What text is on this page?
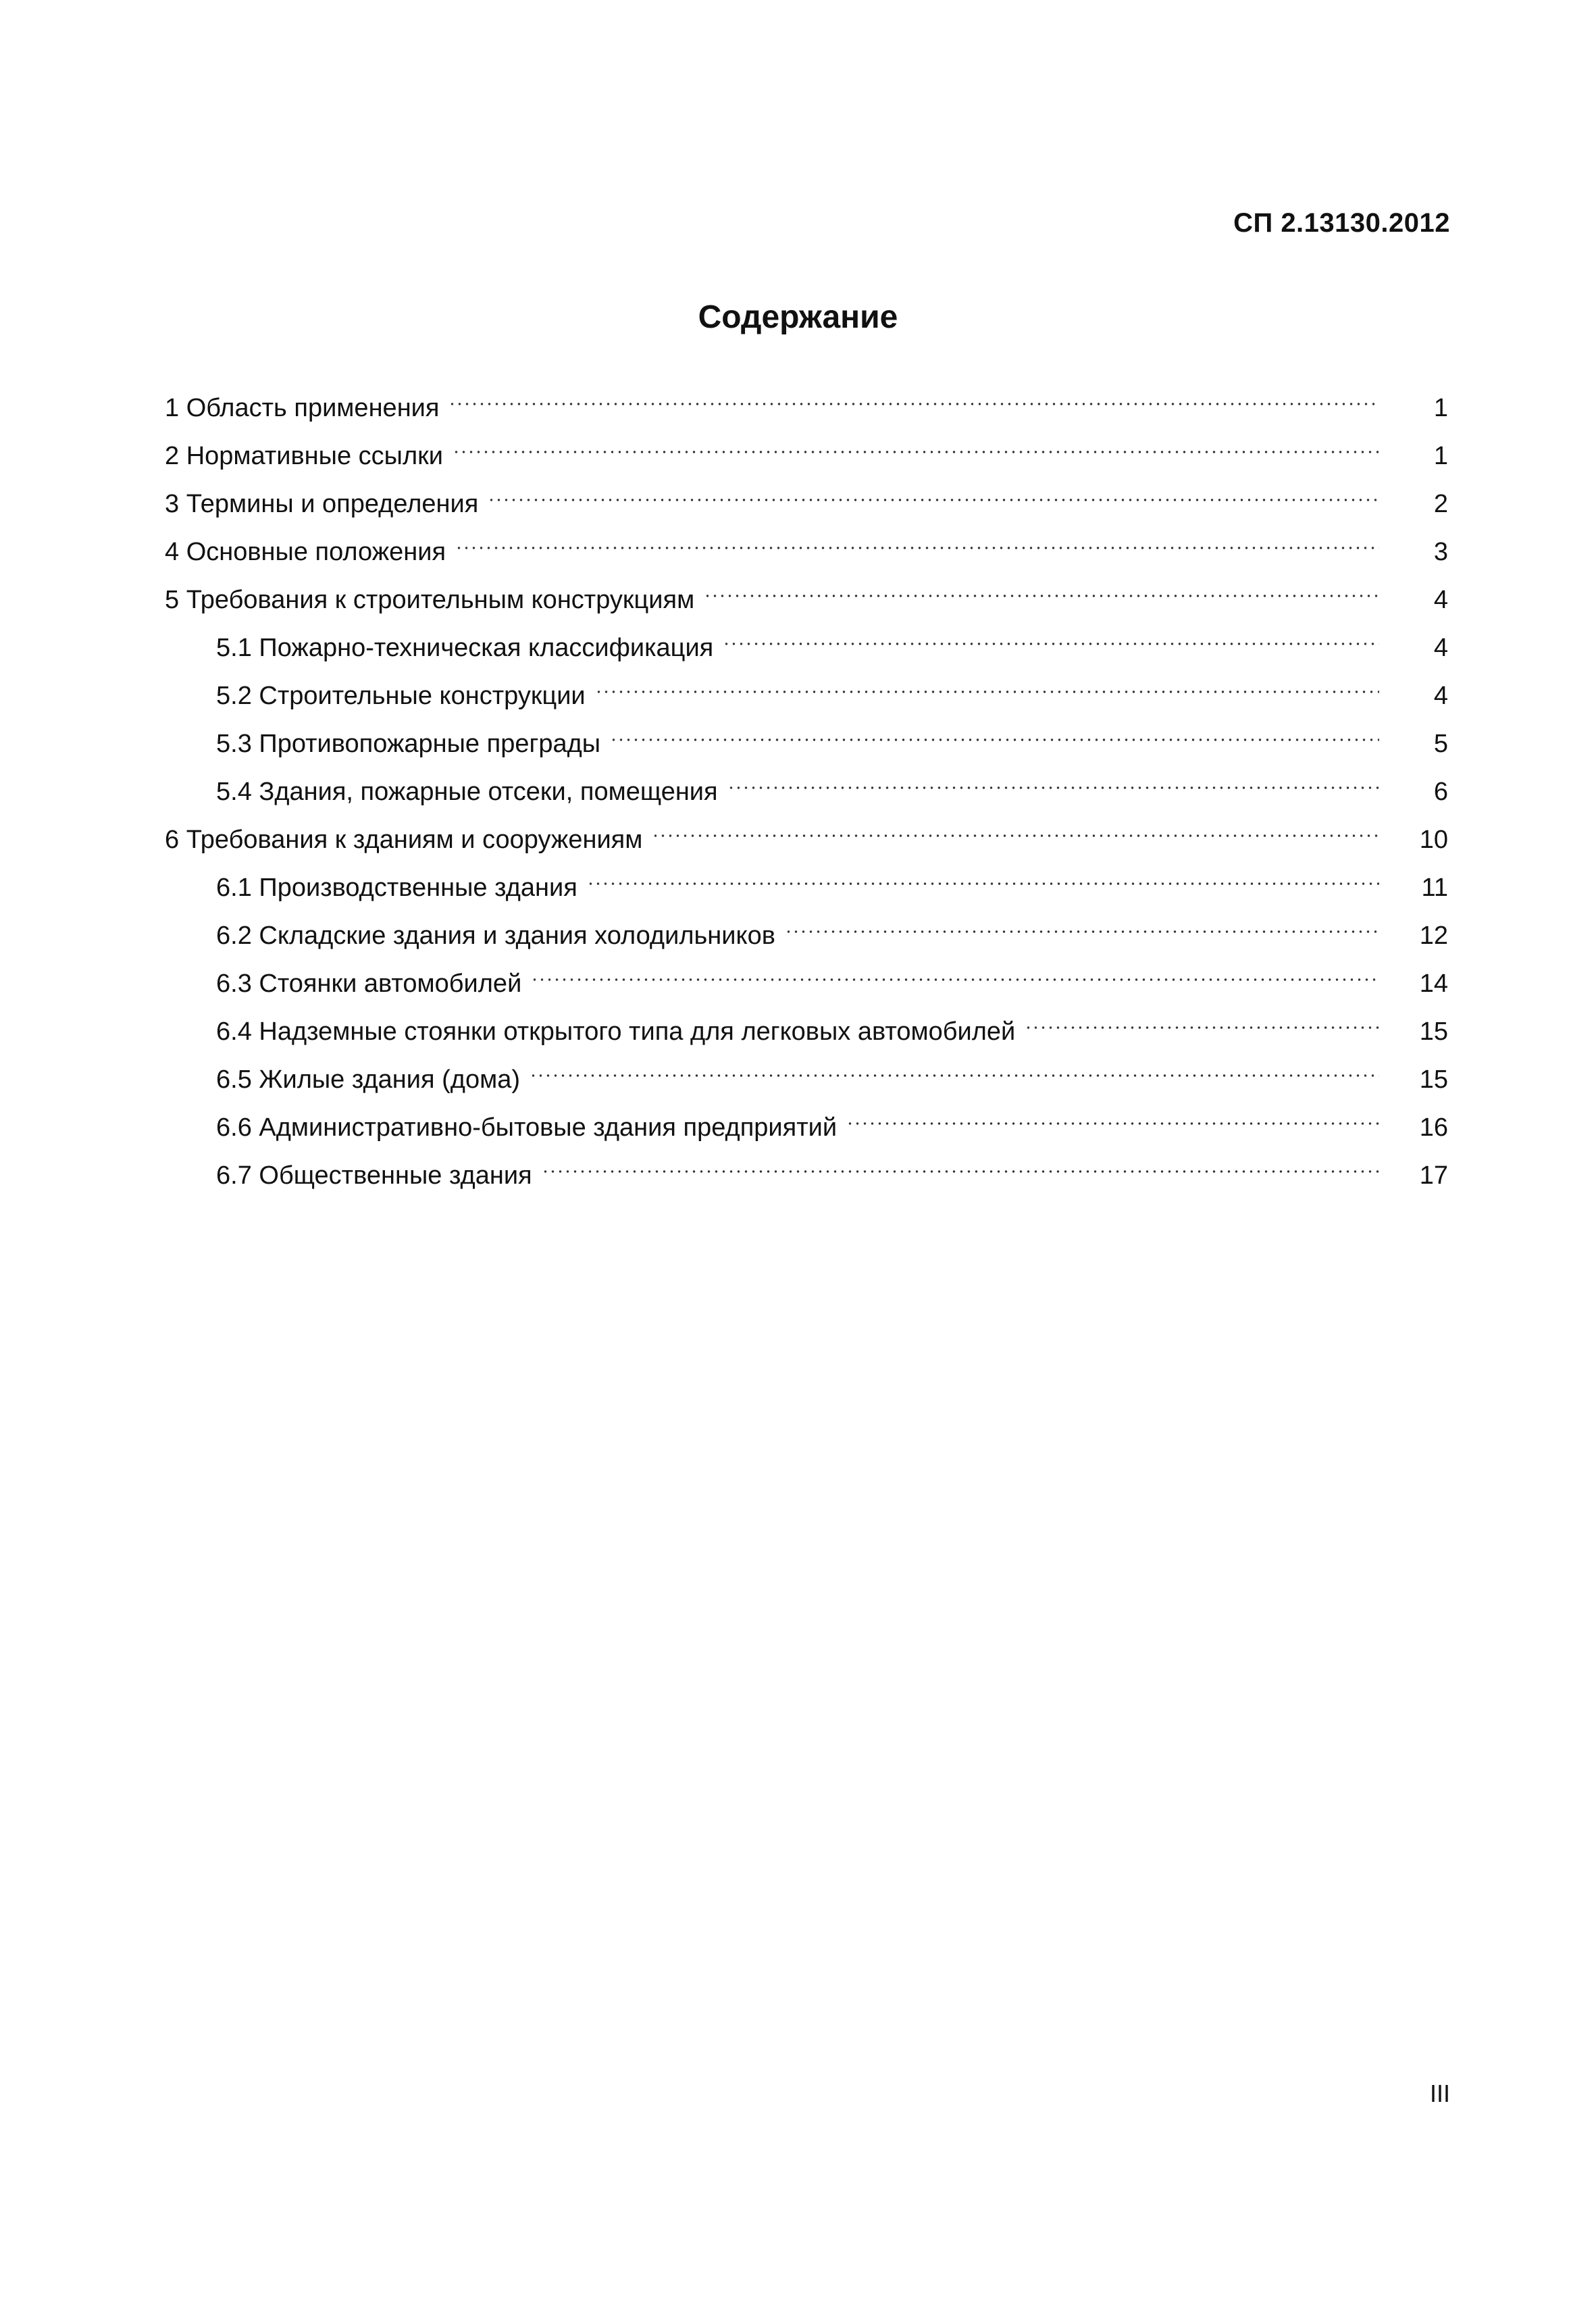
СП 2.13130.2012
Содержание
1 Область применения	1
2 Нормативные ссылки	1
3 Термины и определения	2
4 Основные положения	3
5 Требования к строительным конструкциям	4
5.1 Пожарно-техническая классификация	4
5.2 Строительные конструкции	4
5.3 Противопожарные преграды	5
5.4 Здания, пожарные отсеки, помещения	6
6 Требования к зданиям и сооружениям	10
6.1 Производственные здания	11
6.2 Складские здания и здания холодильников	12
6.3 Стоянки автомобилей	14
6.4 Надземные стоянки открытого типа для легковых автомобилей	15
6.5 Жилые здания (дома)	15
6.6 Административно-бытовые здания предприятий	16
6.7 Общественные здания	17
III
